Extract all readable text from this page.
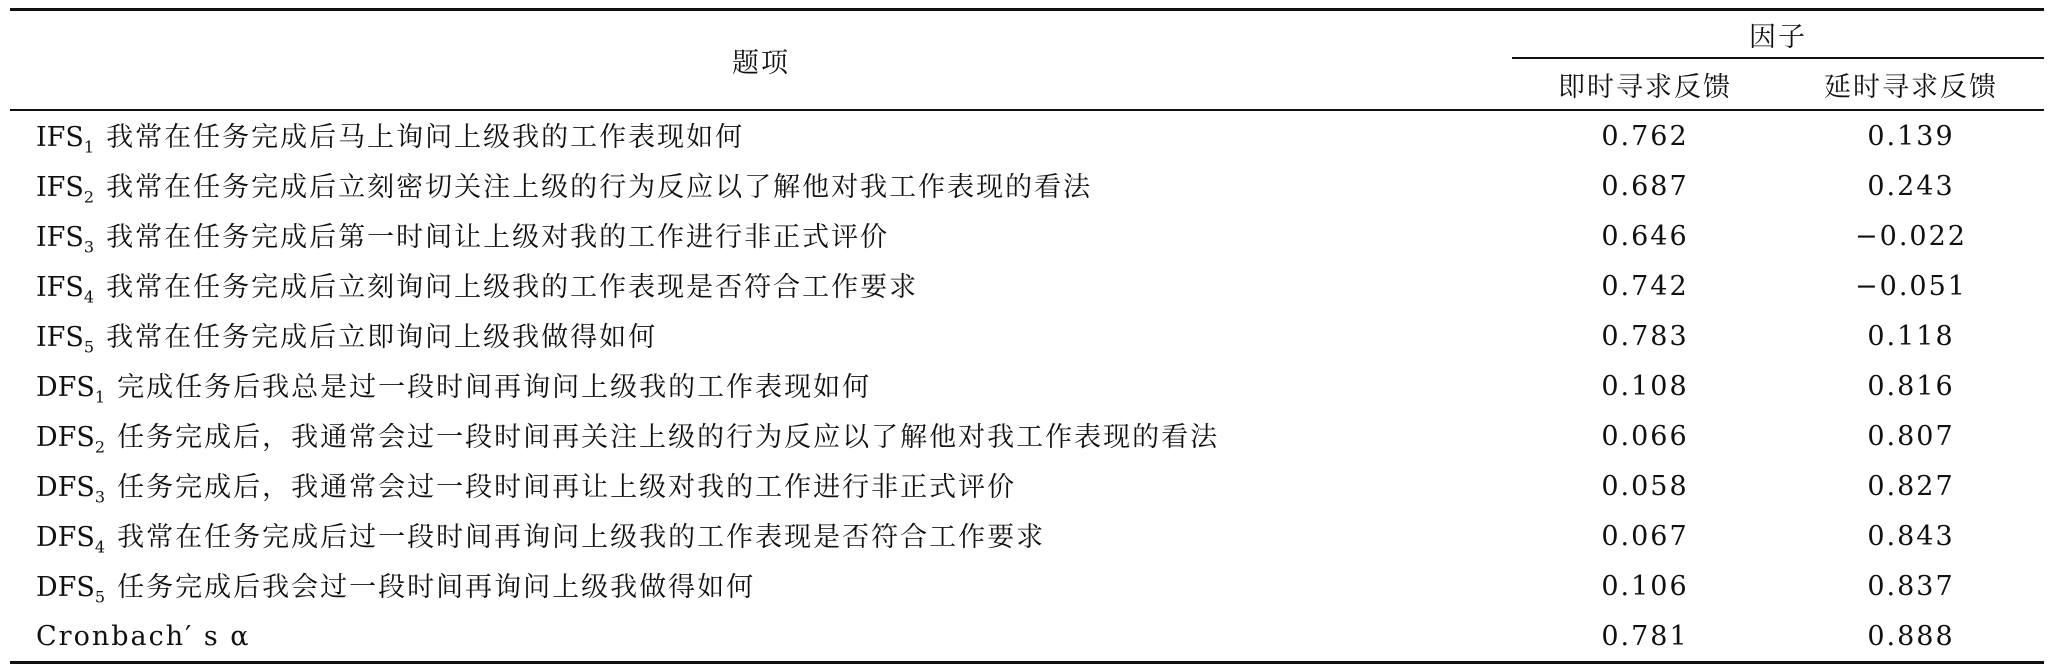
题项	因子	

	即时寻求反馈	延时寻求反馈
$IFS_1$ 我常在任务完成后马上询问上级我的工作表现如何	0.762	0.139
$IFS_2$ 我常在任务完成后立刻密切关注上级的行为反应以了解他对我工作表现的看法	0.687	0.243
$IFS_3$ 我常在任务完成后第一时间让上级对我的工作进行非正式评价	0.646	−0.022
$IFS_4$ 我常在任务完成后立刻询问上级我的工作表现是否符合工作要求	0.742	−0.051
$IFS_5$ 我常在任务完成后立即询问上级我做得如何	0.783	0.118
$DFS_1$ 完成任务后我总是过一段时间再询问上级我的工作表现如何	0.108	0.816
$DFS_2$ 任务完成后，我通常会过一段时间再关注上级的行为反应以了解他对我工作表现的看法	0.066	0.807
$DFS_3$ 任务完成后，我通常会过一段时间再让上级对我的工作进行非正式评价	0.058	0.827
$DFS_4$ 我常在任务完成后过一段时间再询问上级我的工作表现是否符合工作要求	0.067	0.843
$DFS_5$ 任务完成后我会过一段时间再询问上级我做得如何	0.106	0.837
Cronbach′ s α	0.781	0.888
